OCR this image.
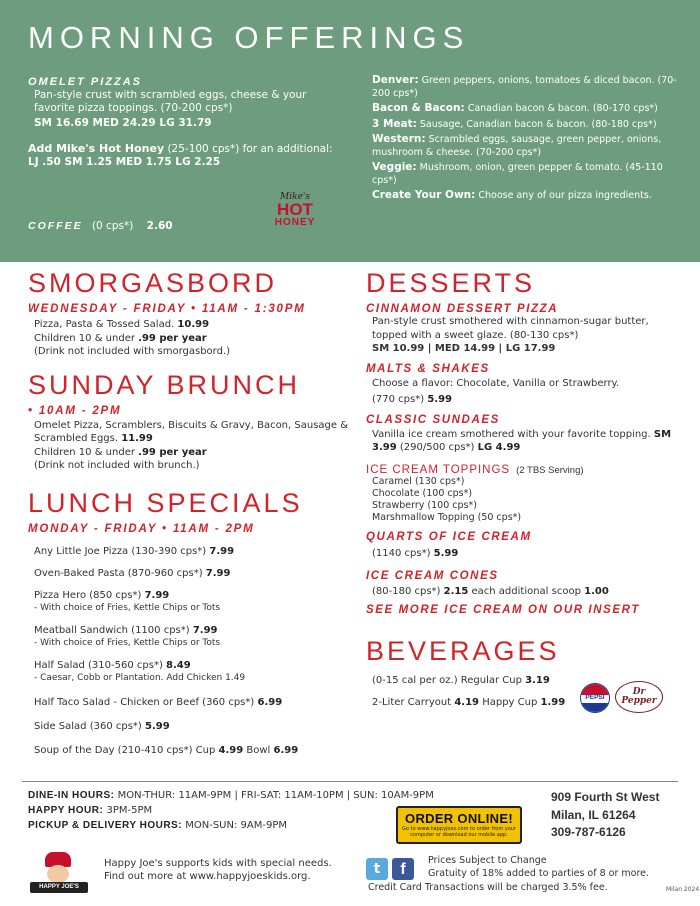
MORNING OFFERINGS
OMELET PIZZAS
Pan-style crust with scrambled eggs, cheese & your favorite pizza toppings. (70-200 cps*)
SM 16.69 MED 24.29 LG 31.79
Add Mike's Hot Honey (25-100 cps*) for an additional: LJ .50 SM 1.25 MED 1.75 LG 2.25
Mike's
HOT
HONEY
COFFEE (0 cps*) 2.60
Denver: Green peppers, onions, tomatoes & diced bacon. (70-200 cps*)
Bacon & Bacon: Canadian bacon & bacon. (80-170 cps*)
3 Meat: Sausage, Canadian bacon & bacon. (80-180 cps*)
Western: Scrambled eggs, sausage, green pepper, onions, mushroom & cheese. (70-200 cps*)
Veggie: Mushroom, onion, green pepper & tomato. (45-110 cps*)
Create Your Own: Choose any of our pizza ingredients.
SMORGASBORD
WEDNESDAY - FRIDAY • 11AM - 1:30PM
Pizza, Pasta & Tossed Salad. 10.99
Children 10 & under .99 per year
(Drink not included with smorgasbord.)
SUNDAY BRUNCH
• 10AM - 2PM
Omelet Pizza, Scramblers, Biscuits & Gravy, Bacon, Sausage & Scrambled Eggs. 11.99
Children 10 & under .99 per year
(Drink not included with brunch.)
LUNCH SPECIALS
MONDAY - FRIDAY • 11AM - 2PM
Any Little Joe Pizza (130-390 cps*) 7.99
Oven-Baked Pasta (870-960 cps*) 7.99
Pizza Hero (850 cps*) 7.99
- With choice of Fries, Kettle Chips or Tots
Meatball Sandwich (1100 cps*) 7.99
- With choice of Fries, Kettle Chips or Tots
Half Salad (310-560 cps*) 8.49
- Caesar, Cobb or Plantation. Add Chicken 1.49
Half Taco Salad - Chicken or Beef (360 cps*) 6.99
Side Salad (360 cps*) 5.99
Soup of the Day (210-410 cps*) Cup 4.99 Bowl 6.99
DESSERTS
CINNAMON DESSERT PIZZA
Pan-style crust smothered with cinnamon-sugar butter, topped with a sweet glaze. (80-130 cps*)
SM 10.99 | MED 14.99 | LG 17.99
MALTS & SHAKES
Choose a flavor: Chocolate, Vanilla or Strawberry.
(770 cps*) 5.99
CLASSIC SUNDAES
Vanilla ice cream smothered with your favorite topping. SM 3.99 (290/500 cps*) LG 4.99
ICE CREAM TOPPINGS (2 TBS Serving)
Caramel (130 cps*)
Chocolate (100 cps*)
Strawberry (100 cps*)
Marshmallow Topping (50 cps*)
QUARTS OF ICE CREAM
(1140 cps*) 5.99
ICE CREAM CONES
(80-180 cps*) 2.15 each additional scoop 1.00
SEE MORE ICE CREAM ON OUR INSERT
BEVERAGES
(0-15 cal per oz.) Regular Cup 3.19
2-Liter Carryout 4.19 Happy Cup 1.99	PEPSI
Dr Pepper
DINE-IN HOURS: MON-THUR: 11AM-9PM | FRI-SAT: 11AM-10PM | SUN: 10AM-9PM
HAPPY HOUR: 3PM-5PM
PICKUP & DELIVERY HOURS: MON-SUN: 9AM-9PM	ORDER ONLINE!
Go to www.happyjoes.com to order from your computer or download our mobile app.
909 Fourth St West
Milan, IL 61264
309-787-6126
HAPPY JOE'S
Happy Joe's supports kids with special needs.
Find out more at www.happyjoeskids.org.	t	f
Prices Subject to Change
Gratuity of 18% added to parties of 8 or more.
Credit Card Transactions will be charged 3.5% fee.	Milan 2024
